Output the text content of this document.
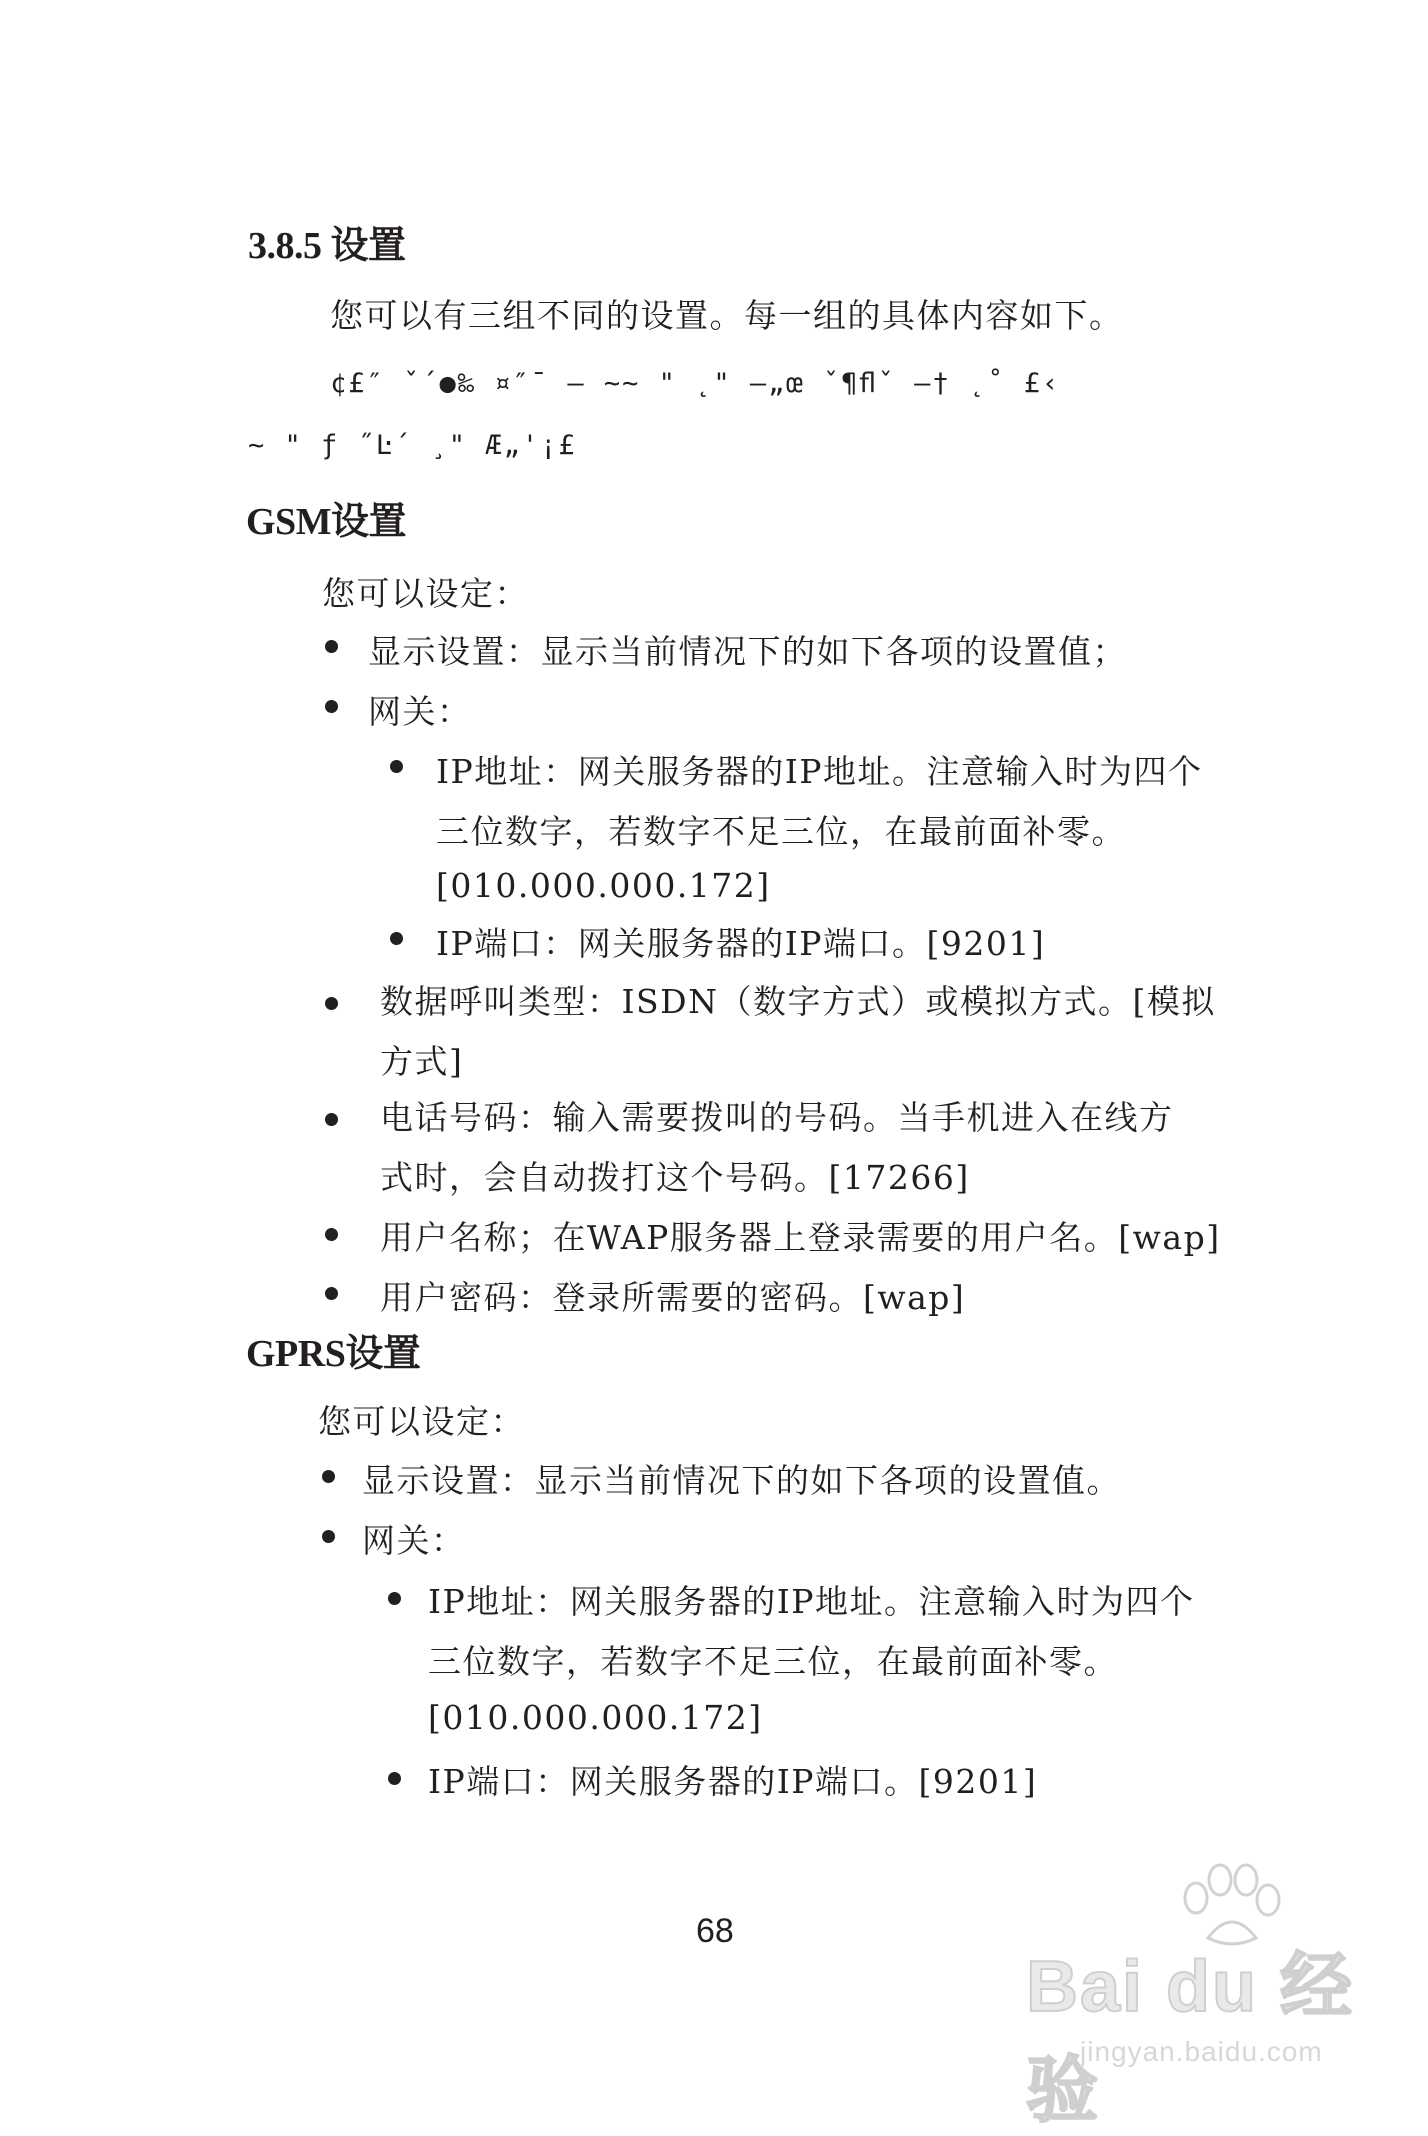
3.8.5 设置
您可以有三组不同的设置。每一组的具体内容如下。
¢£″ ˇ´●‰ ¤″¯ — ~~ " ˛" —„œ ˇ¶ﬂˇ —† ˛˚ £‹
~ " ƒ ˝Ŀ´ ¸" Æ„'¡£
GSM设置
您可以设定：
显示设置：显示当前情况下的如下各项的设置值；
网关：
IP地址：网关服务器的IP地址。注意输入时为四个
三位数字，若数字不足三位，在最前面补零。
[010.000.000.172]
IP端口：网关服务器的IP端口。[9201]
数据呼叫类型：ISDN（数字方式）或模拟方式。[模拟
方式]
电话号码：输入需要拨叫的号码。当手机进入在线方
式时，会自动拨打这个号码。[17266]
用户名称；在WAP服务器上登录需要的用户名。[wap]
用户密码：登录所需要的密码。[wap]
GPRS设置
您可以设定：
显示设置：显示当前情况下的如下各项的设置值。
网关：
IP地址：网关服务器的IP地址。注意输入时为四个
三位数字，若数字不足三位，在最前面补零。
[010.000.000.172]
IP端口：网关服务器的IP端口。[9201]
68
Bai du 经验
jingyan.baidu.com
